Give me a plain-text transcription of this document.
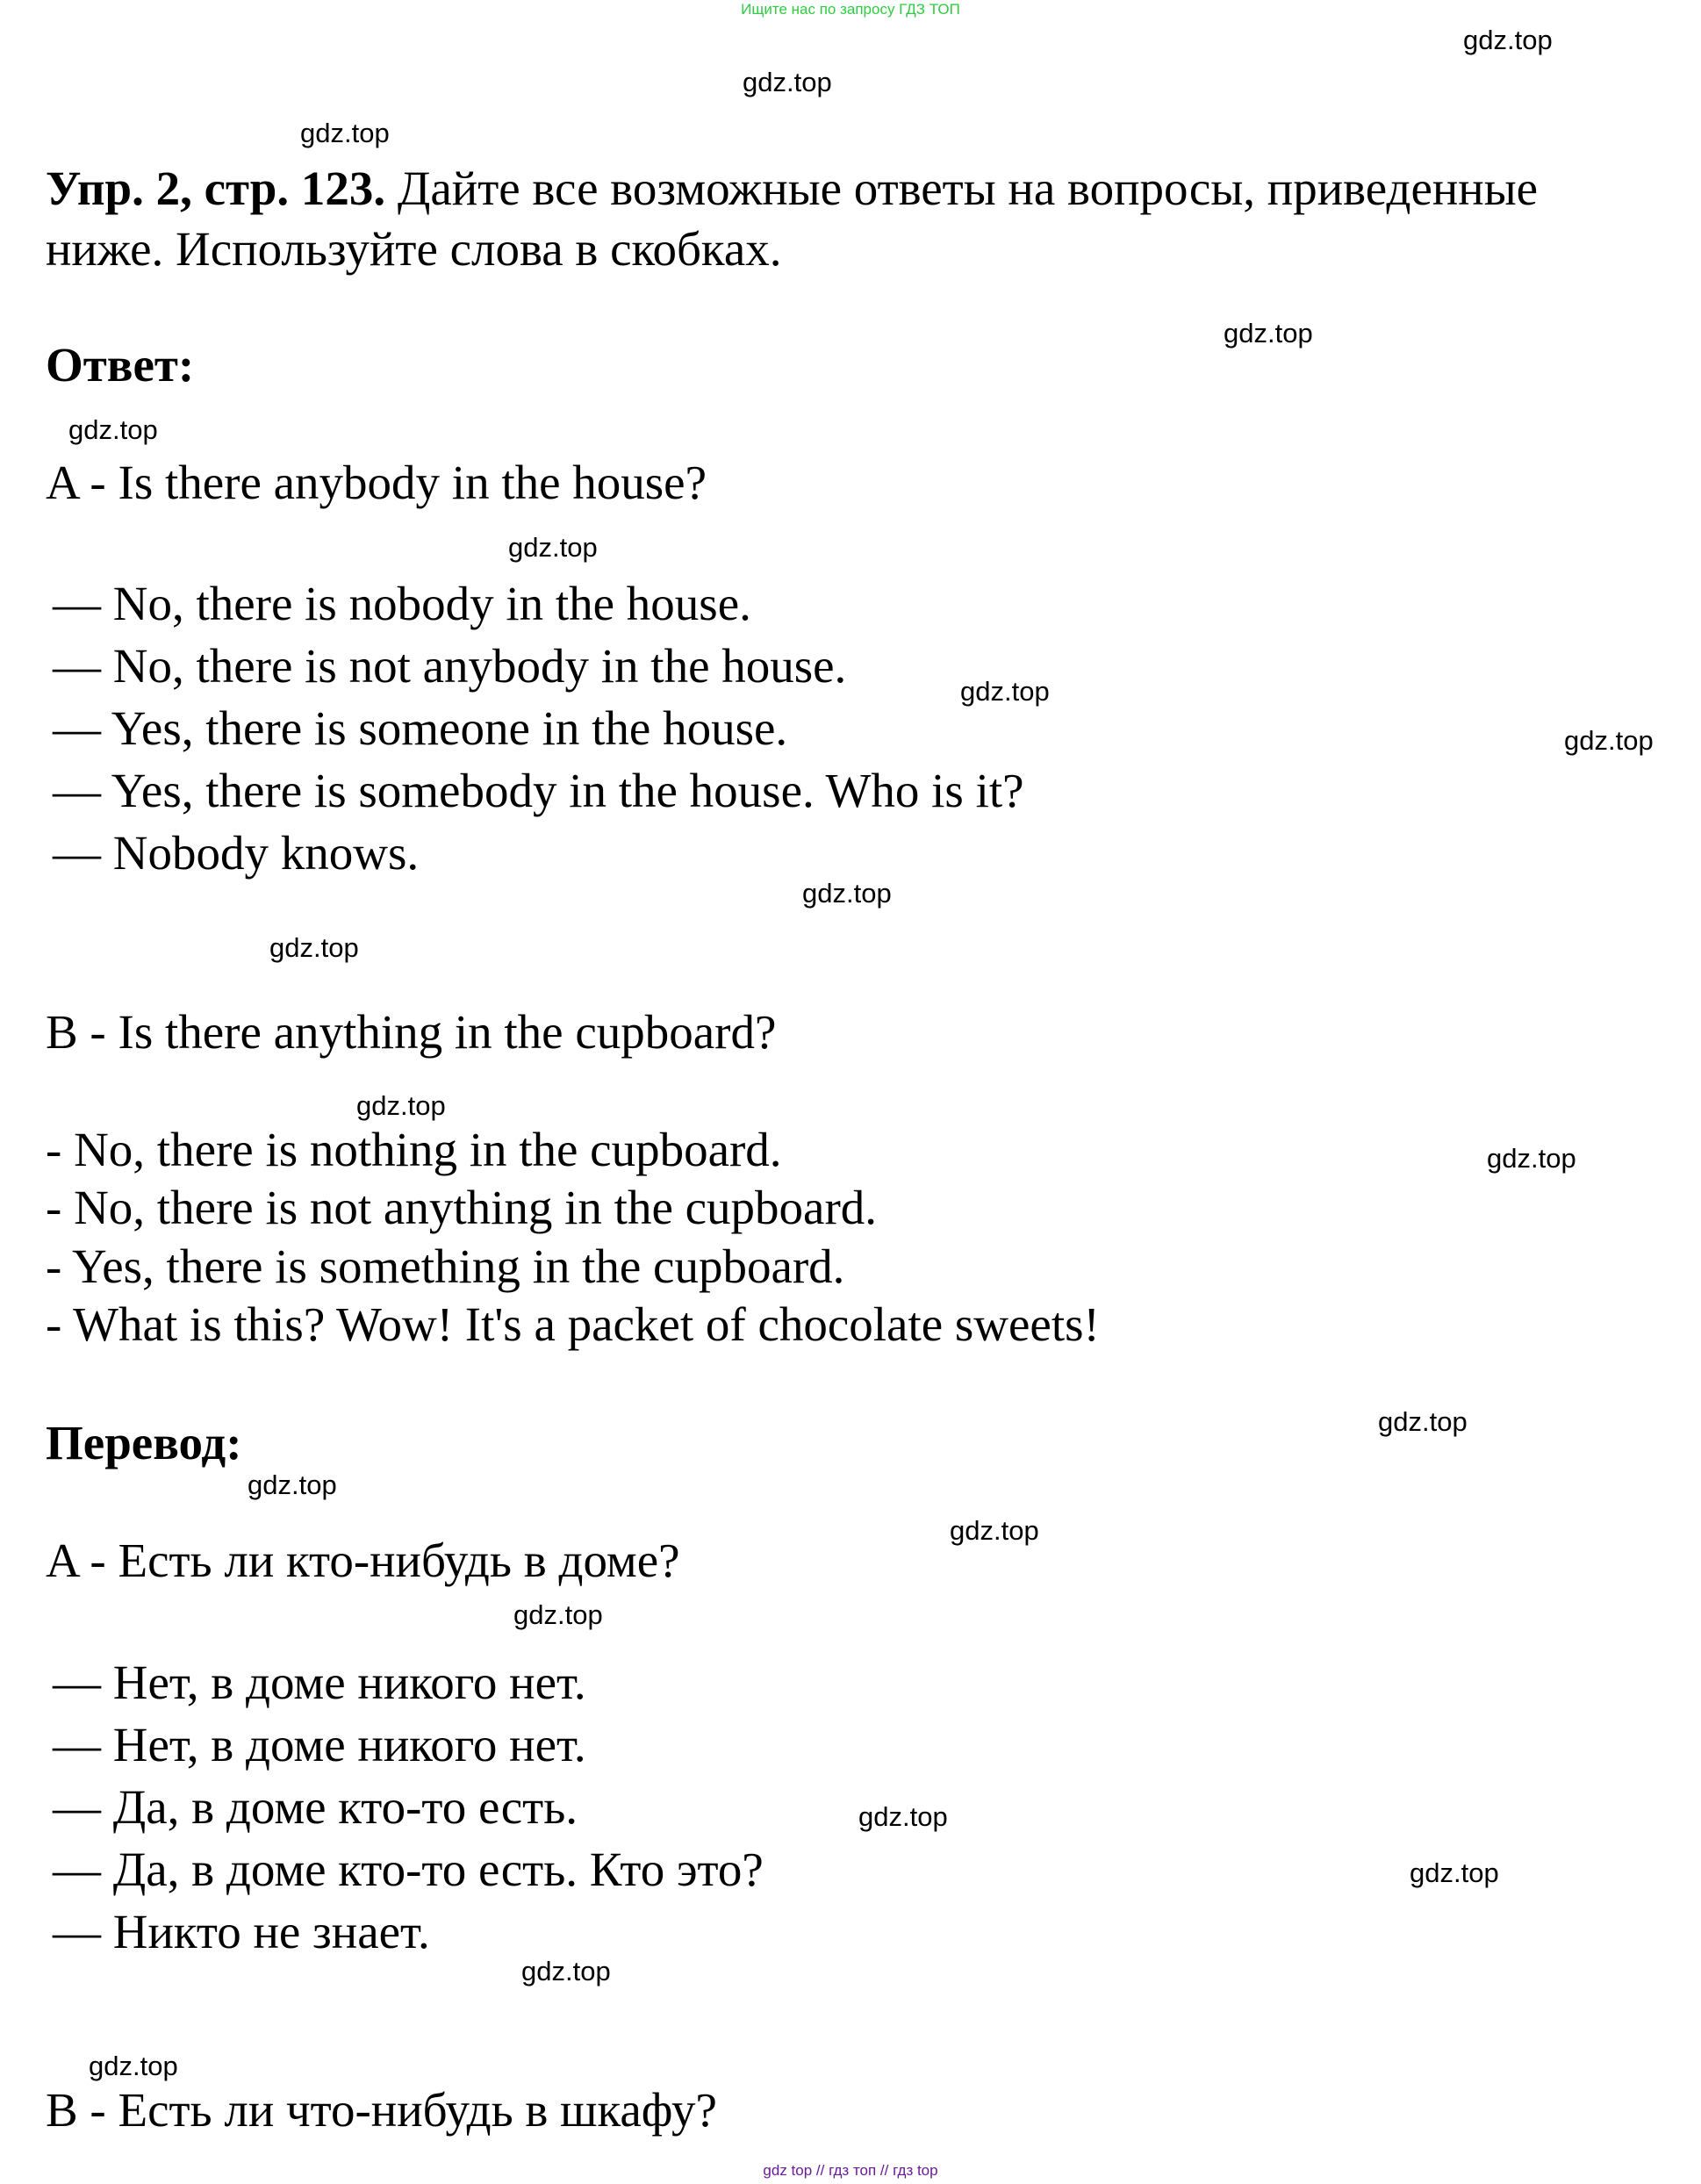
Ищите нас по запросу ГДЗ ТОП
gdz.top
gdz.top
gdz.top
gdz.top
gdz.top
gdz.top
gdz.top
gdz.top
gdz.top
gdz.top
gdz.top
gdz.top
gdz.top
gdz.top
gdz.top
gdz.top
gdz.top
gdz.top
gdz.top
gdz.top
Упр. 2, стр. 123. Дайте все возможные ответы на вопросы, приведенные ниже. Используйте слова в скобках.
Ответ:
A - Is there anybody in the house?
— No, there is nobody in the house.
— No, there is not anybody in the house.
— Yes, there is someone in the house.
— Yes, there is somebody in the house. Who is it?
— Nobody knows.
B - Is there anything in the cupboard?
- No, there is nothing in the cupboard.
- No, there is not anything in the cupboard.
- Yes, there is something in the cupboard.
- What is this? Wow! It's a packet of chocolate sweets!
Перевод:
A - Есть ли кто-нибудь в доме?
— Нет, в доме никого нет.
— Нет, в доме никого нет.
— Да, в доме кто-то есть.
— Да, в доме кто-то есть. Кто это?
— Никто не знает.
B - Есть ли что-нибудь в шкафу?
gdz top // гдз топ // гдз top
